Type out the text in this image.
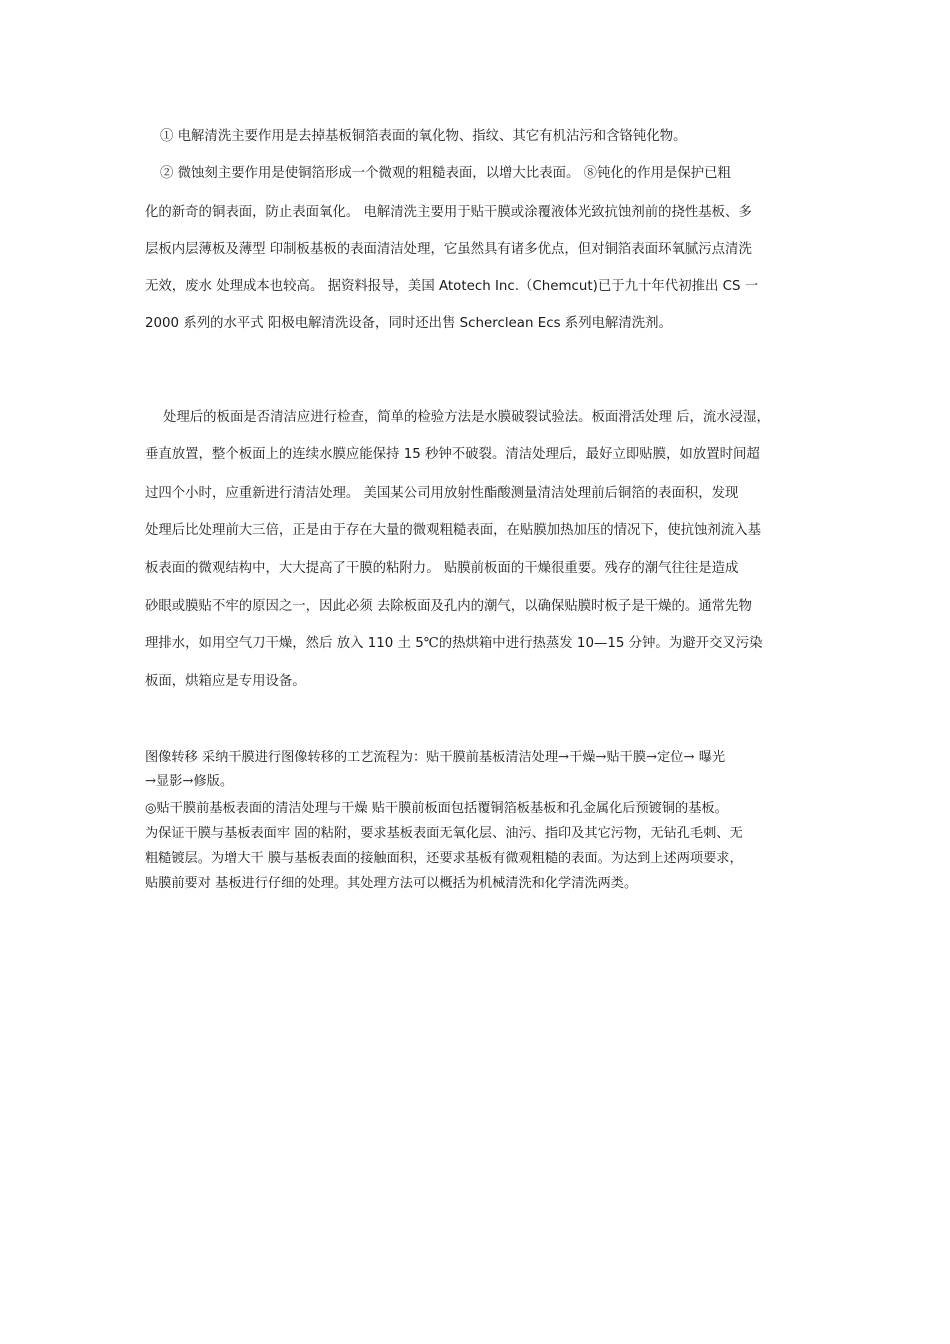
① 电解清洗主要作用是去掉基板铜箔表面的氧化物、指纹、其它有机沾污和含铬钝化物。
② 微蚀刻主要作用是使铜箔形成一个微观的粗糙表面，以增大比表面。 ⑧钝化的作用是保护已粗
化的新奇的铜表面，防止表面氧化。 电解清洗主要用于贴干膜或涂覆液体光致抗蚀剂前的挠性基板、多
层板内层薄板及薄型 印制板基板的表面清洁处理，它虽然具有诸多优点，但对铜箔表面环氧腻污点清洗
无效，废水 处理成本也较高。 据资料报导，美国 Atotech Inc.（Chemcut)已于九十年代初推出 CS 一
2000 系列的水平式 阳极电解清洗设备，同时还出售 Scherclean Ecs 系列电解清洗剂。
处理后的板面是否清洁应进行检查，简单的检验方法是水膜破裂试验法。板面滑活处理 后，流水浸湿，
垂直放置，整个板面上的连续水膜应能保持 15 秒钟不破裂。清洁处理后，最好立即贴膜，如放置时间超
过四个小时，应重新进行清洁处理。 美国某公司用放射性酯酸测量清洁处理前后铜箔的表面积，发现
处理后比处理前大三倍，正是由于存在大量的微观粗糙表面，在贴膜加热加压的情况下，使抗蚀剂流入基
板表面的微观结构中，大大提高了干膜的粘附力。 贴膜前板面的干燥很重要。残存的潮气往往是造成
砂眼或膜贴不牢的原因之一，因此必须 去除板面及孔内的潮气，以确保贴膜时板子是干燥的。通常先物
理排水，如用空气刀干燥，然后 放入 110 土 5℃的热烘箱中进行热蒸发 10—15 分钟。为避开交叉污染
板面，烘箱应是专用设备。
图像转移 采纳干膜进行图像转移的工艺流程为：贴干膜前基板清洁处理→干燥→贴干膜→定位→ 曝光
→显影→修版。
◎贴干膜前基板表面的清洁处理与干燥 贴干膜前板面包括覆铜箔板基板和孔金属化后预镀铜的基板。
为保证干膜与基板表面牢 固的粘附，要求基板表面无氧化层、油污、指印及其它污物，无钻孔毛刺、无
粗糙镀层。为增大干 膜与基板表面的接触面积，还要求基板有微观粗糙的表面。为达到上述两项要求，
贴膜前要对 基板进行仔细的处理。其处理方法可以概括为机械清洗和化学清洗两类。
